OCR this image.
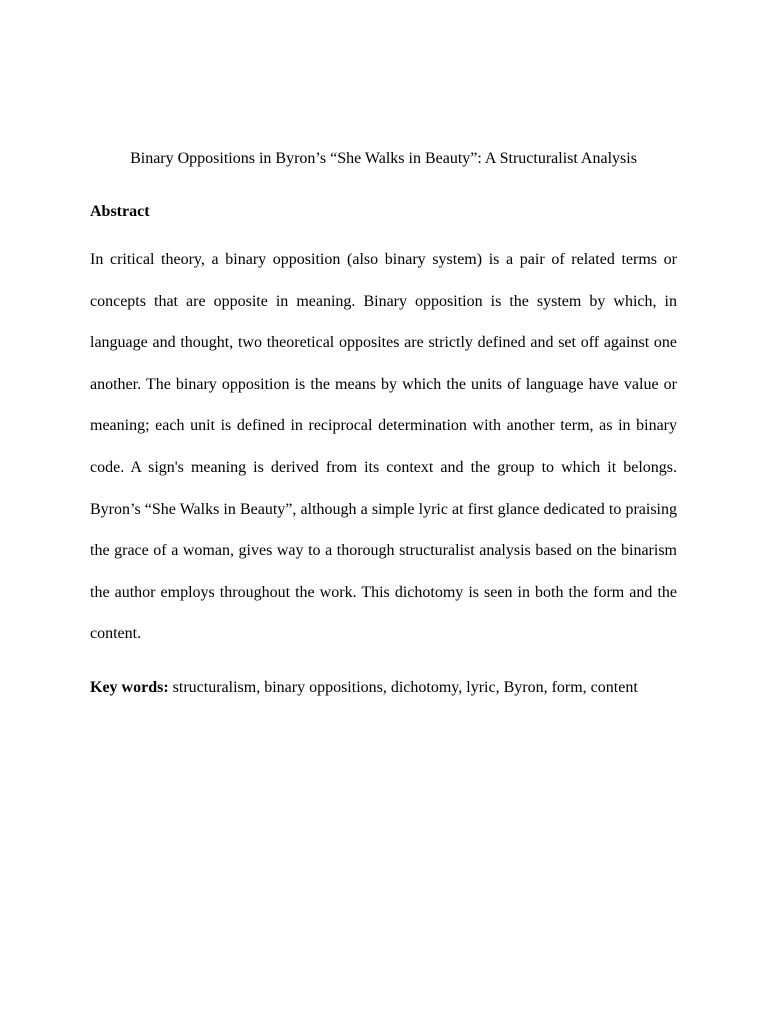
Binary Oppositions in Byron’s “She Walks in Beauty”: A Structuralist Analysis
Abstract

In critical theory, a binary opposition (also binary system) is a pair of related terms or concepts that are opposite in meaning. Binary opposition is the system by which, in language and thought, two theoretical opposites are strictly defined and set off against one another. The binary opposition is the means by which the units of language have value or meaning; each unit is defined in reciprocal determination with another term, as in binary code. A sign's meaning is derived from its context and the group to which it belongs. Byron’s “She Walks in Beauty”, although a simple lyric at first glance dedicated to praising the grace of a woman, gives way to a thorough structuralist analysis based on the binarism the author employs throughout the work. This dichotomy is seen in both the form and the content.

Key words: structuralism, binary oppositions, dichotomy, lyric, Byron, form, content
